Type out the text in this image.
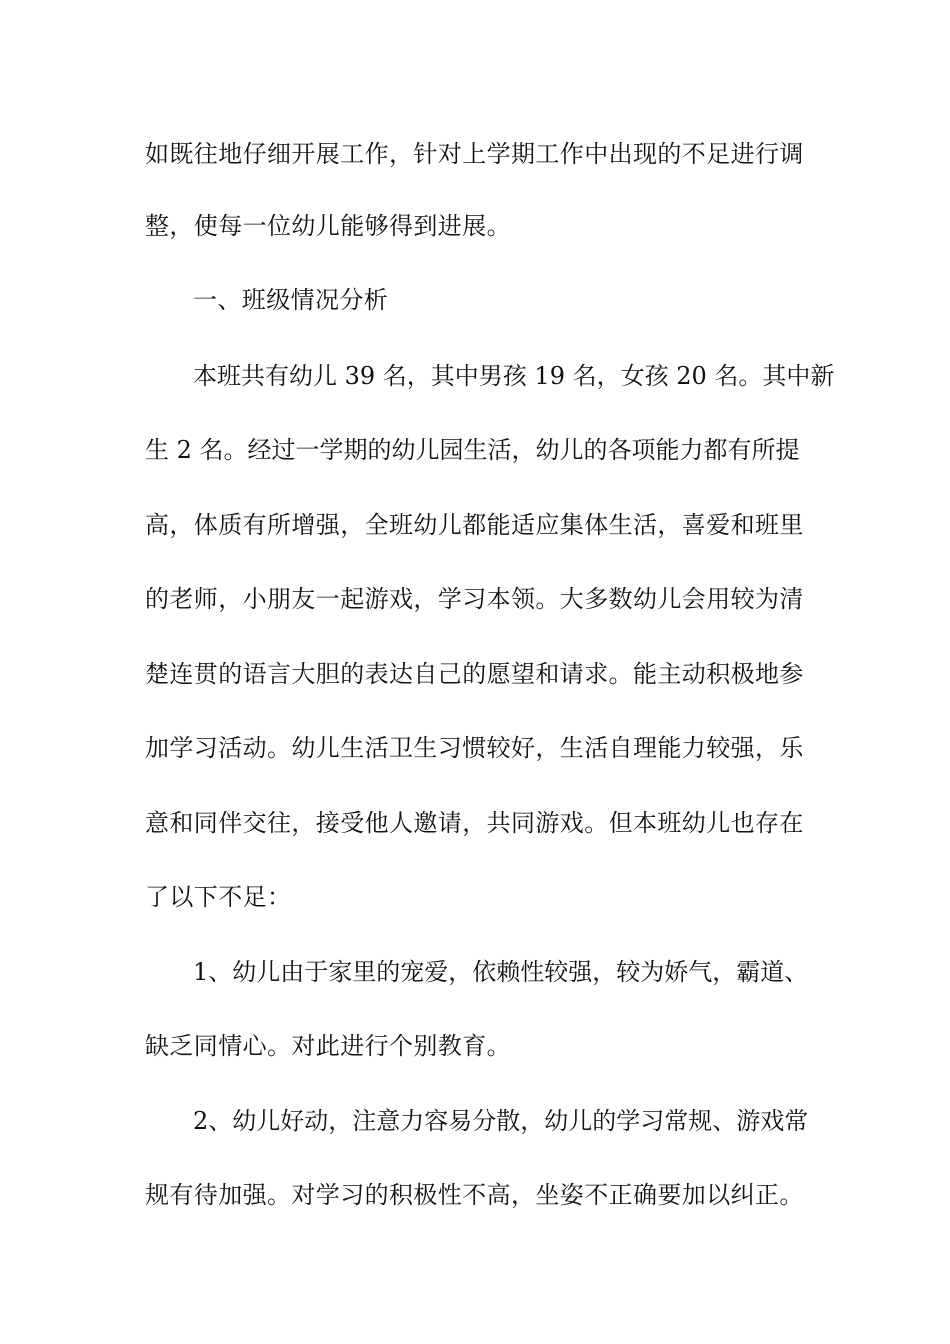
如既往地仔细开展工作，针对上学期工作中出现的不足进行调
整，使每一位幼儿能够得到进展。
一、班级情况分析
本班共有幼儿 39 名，其中男孩 19 名，女孩 20 名。其中新
生 2 名。经过一学期的幼儿园生活，幼儿的各项能力都有所提
高，体质有所增强，全班幼儿都能适应集体生活，喜爱和班里
的老师，小朋友一起游戏，学习本领。大多数幼儿会用较为清
楚连贯的语言大胆的表达自己的愿望和请求。能主动积极地参
加学习活动。幼儿生活卫生习惯较好，生活自理能力较强，乐
意和同伴交往，接受他人邀请，共同游戏。但本班幼儿也存在
了以下不足：
1、幼儿由于家里的宠爱，依赖性较强，较为娇气，霸道、
缺乏同情心。对此进行个别教育。
2、幼儿好动，注意力容易分散，幼儿的学习常规、游戏常
规有待加强。对学习的积极性不高，坐姿不正确要加以纠正。
